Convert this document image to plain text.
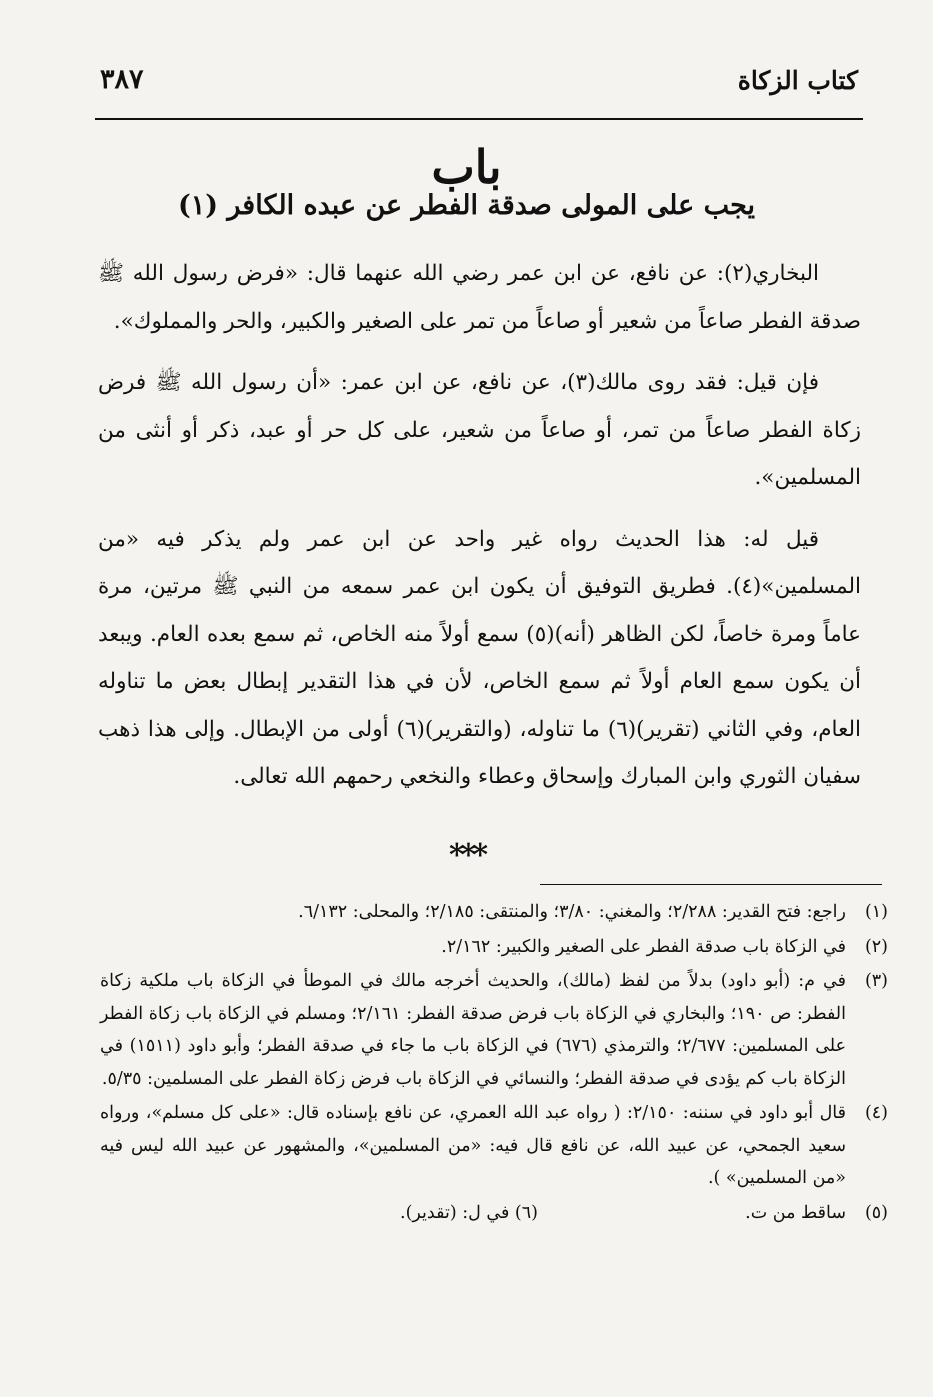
كتاب الزكاة
٣٨٧
باب
يجب على المولى صدقة الفطر عن عبده الكافر (١)

البخاري(٢): عن نافع، عن ابن عمر رضي الله عنهما قال: «فرض رسول الله ﷺ صدقة الفطر صاعاً من شعير أو صاعاً من تمر على الصغير والكبير، والحر والمملوك».

فإن قيل: فقد روى مالك(٣)، عن نافع، عن ابن عمر: «أن رسول الله ﷺ فرض زكاة الفطر صاعاً من تمر، أو صاعاً من شعير، على كل حر أو عبد، ذكر أو أنثى من المسلمين».

قيل له: هذا الحديث رواه غير واحد عن ابن عمر ولم يذكر فيه «من المسلمين»(٤). فطريق التوفيق أن يكون ابن عمر سمعه من النبي ﷺ مرتين، مرة عاماً ومرة خاصاً، لكن الظاهر (أنه)(٥) سمع أولاً منه الخاص، ثم سمع بعده العام. ويبعد أن يكون سمع العام أولاً ثم سمع الخاص، لأن في هذا التقدير إبطال بعض ما تناوله العام، وفي الثاني (تقرير)(٦) ما تناوله، (والتقرير)(٦) أولى من الإبطال. وإلى هذا ذهب سفيان الثوري وابن المبارك وإسحاق وعطاء والنخعي رحمهم الله تعالى.

***
(١)
راجع: فتح القدير: ٢/٢٨٨؛ والمغني: ٣/٨٠؛ والمنتقى: ٢/١٨٥؛ والمحلى: ٦/١٣٢.
(٢)
في الزكاة باب صدقة الفطر على الصغير والكبير: ٢/١٦٢.
(٣)
في م: (أبو داود) بدلاً من لفظ (مالك)، والحديث أخرجه مالك في الموطأ في الزكاة باب ملكية زكاة الفطر: ص ١٩٠؛ والبخاري في الزكاة باب فرض صدقة الفطر: ٢/١٦١؛ ومسلم في الزكاة باب زكاة الفطر على المسلمين: ٢/٦٧٧؛ والترمذي (٦٧٦) في الزكاة باب ما جاء في صدقة الفطر؛ وأبو داود (١٥١١) في الزكاة باب كم يؤدى في صدقة الفطر؛ والنسائي في الزكاة باب فرض زكاة الفطر على المسلمين: ٥/٣٥.
(٤)
قال أبو داود في سننه: ٢/١٥٠: ( رواه عبد الله العمري، عن نافع بإسناده قال: «على كل مسلم»، ورواه سعيد الجمحي، عن عبيد الله، عن نافع قال فيه: «من المسلمين»، والمشهور عن عبيد الله ليس فيه «من المسلمين» ).
(٥)
ساقط من ت.
(٦) في ل: (تقدير).
